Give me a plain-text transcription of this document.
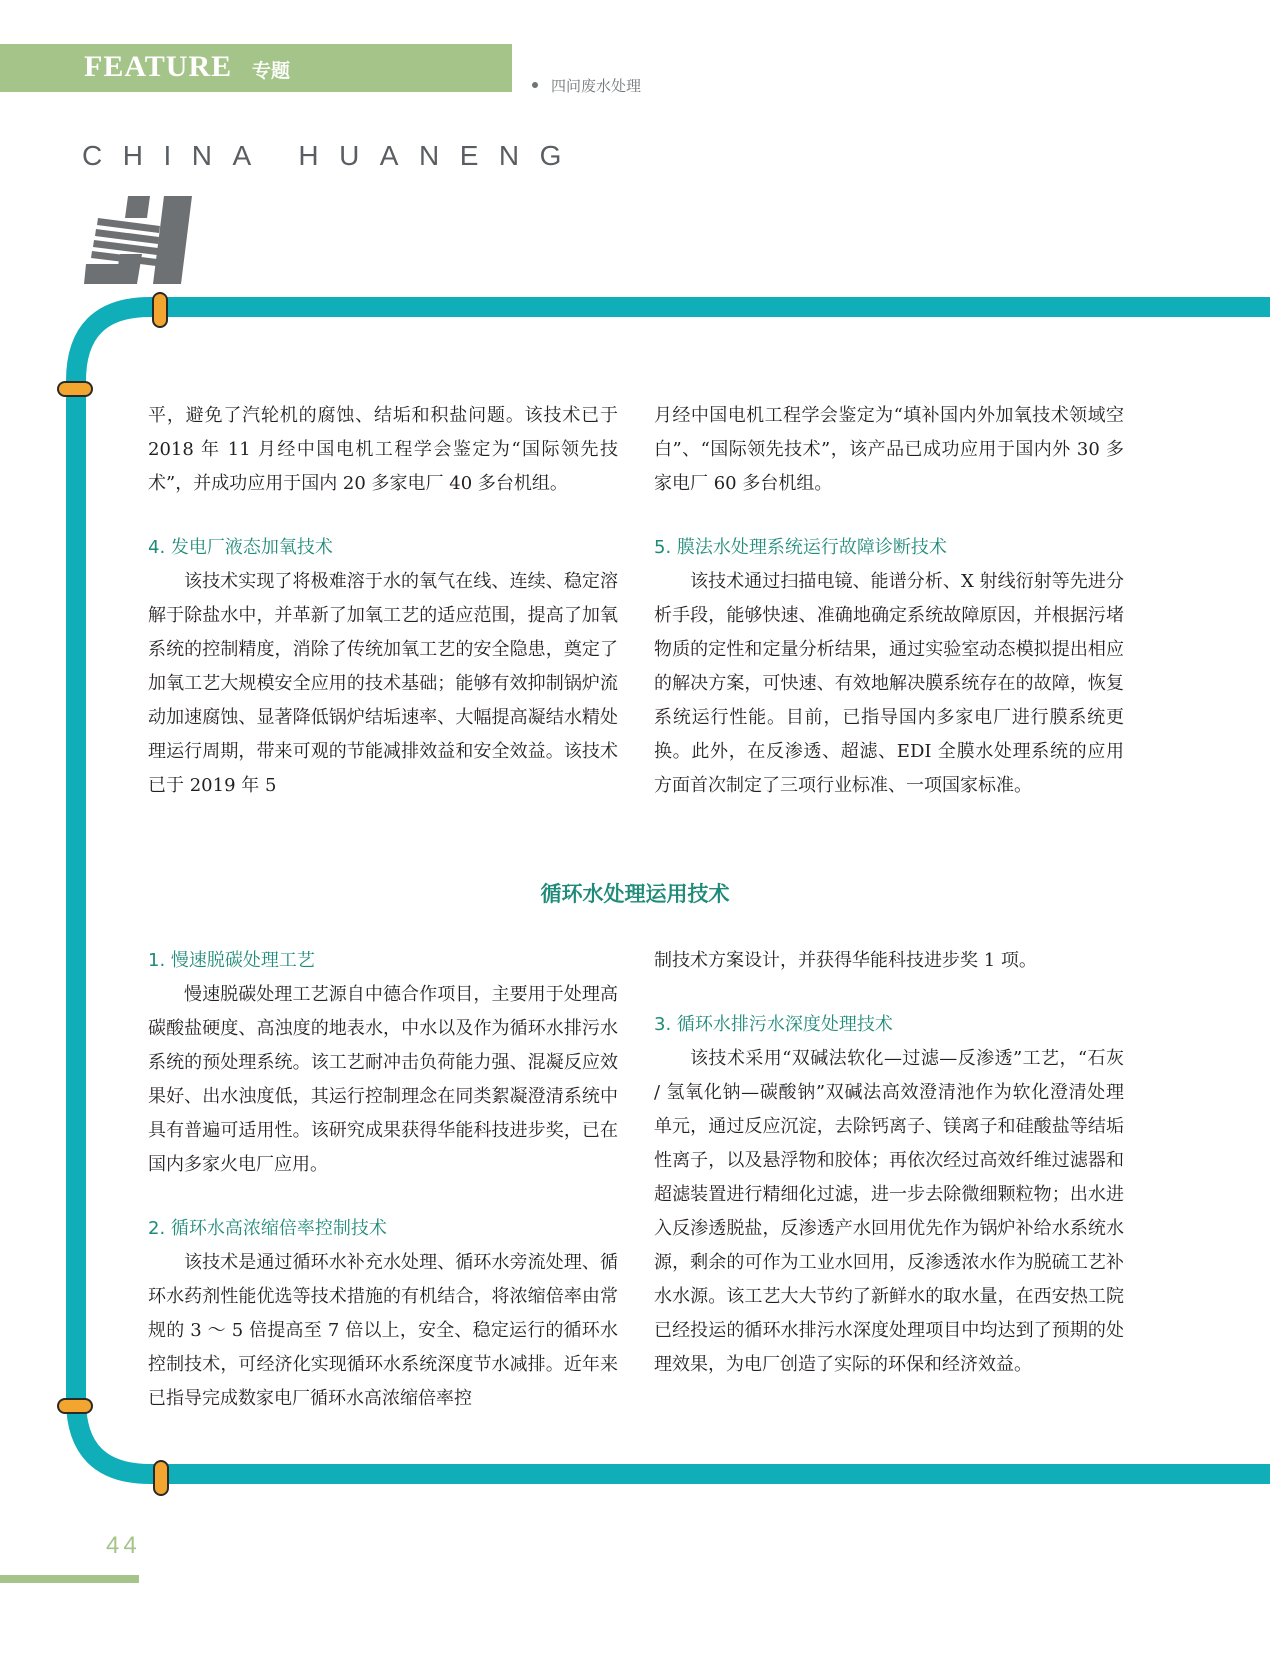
FEATURE 专题
四问废水处理
CHINA HUANENG

平，避免了汽轮机的腐蚀、结垢和积盐问题。该技术已于 2018 年 11 月经中国电机工程学会鉴定为“国际领先技术”，并成功应用于国内 20 多家电厂 40 多台机组。

4. 发电厂液态加氧技术

该技术实现了将极难溶于水的氧气在线、连续、稳定溶解于除盐水中，并革新了加氧工艺的适应范围，提高了加氧系统的控制精度，消除了传统加氧工艺的安全隐患，奠定了加氧工艺大规模安全应用的技术基础；能够有效抑制锅炉流动加速腐蚀、显著降低锅炉结垢速率、大幅提高凝结水精处理运行周期，带来可观的节能减排效益和安全效益。该技术已于 2019 年 5

月经中国电机工程学会鉴定为“填补国内外加氧技术领域空白”、“国际领先技术”，该产品已成功应用于国内外 30 多家电厂 60 多台机组。

5. 膜法水处理系统运行故障诊断技术

该技术通过扫描电镜、能谱分析、X 射线衍射等先进分析手段，能够快速、准确地确定系统故障原因，并根据污堵物质的定性和定量分析结果，通过实验室动态模拟提出相应的解决方案，可快速、有效地解决膜系统存在的故障，恢复系统运行性能。目前，已指导国内多家电厂进行膜系统更换。此外，在反渗透、超滤、EDI 全膜水处理系统的应用方面首次制定了三项行业标准、一项国家标准。

循环水处理运用技术

1. 慢速脱碳处理工艺

慢速脱碳处理工艺源自中德合作项目，主要用于处理高碳酸盐硬度、高浊度的地表水，中水以及作为循环水排污水系统的预处理系统。该工艺耐冲击负荷能力强、混凝反应效果好、出水浊度低，其运行控制理念在同类絮凝澄清系统中具有普遍可适用性。该研究成果获得华能科技进步奖，已在国内多家火电厂应用。

2. 循环水高浓缩倍率控制技术

该技术是通过循环水补充水处理、循环水旁流处理、循环水药剂性能优选等技术措施的有机结合，将浓缩倍率由常规的 3 ～ 5 倍提高至 7 倍以上，安全、稳定运行的循环水控制技术，可经济化实现循环水系统深度节水减排。近年来已指导完成数家电厂循环水高浓缩倍率控

制技术方案设计，并获得华能科技进步奖 1 项。

3. 循环水排污水深度处理技术

该技术采用“双碱法软化—过滤—反渗透”工艺，“石灰 / 氢氧化钠—碳酸钠”双碱法高效澄清池作为软化澄清处理单元，通过反应沉淀，去除钙离子、镁离子和硅酸盐等结垢性离子，以及悬浮物和胶体；再依次经过高效纤维过滤器和超滤装置进行精细化过滤，进一步去除微细颗粒物；出水进入反渗透脱盐，反渗透产水回用优先作为锅炉补给水系统水源，剩余的可作为工业水回用，反渗透浓水作为脱硫工艺补水水源。该工艺大大节约了新鲜水的取水量，在西安热工院已经投运的循环水排污水深度处理项目中均达到了预期的处理效果，为电厂创造了实际的环保和经济效益。

44
